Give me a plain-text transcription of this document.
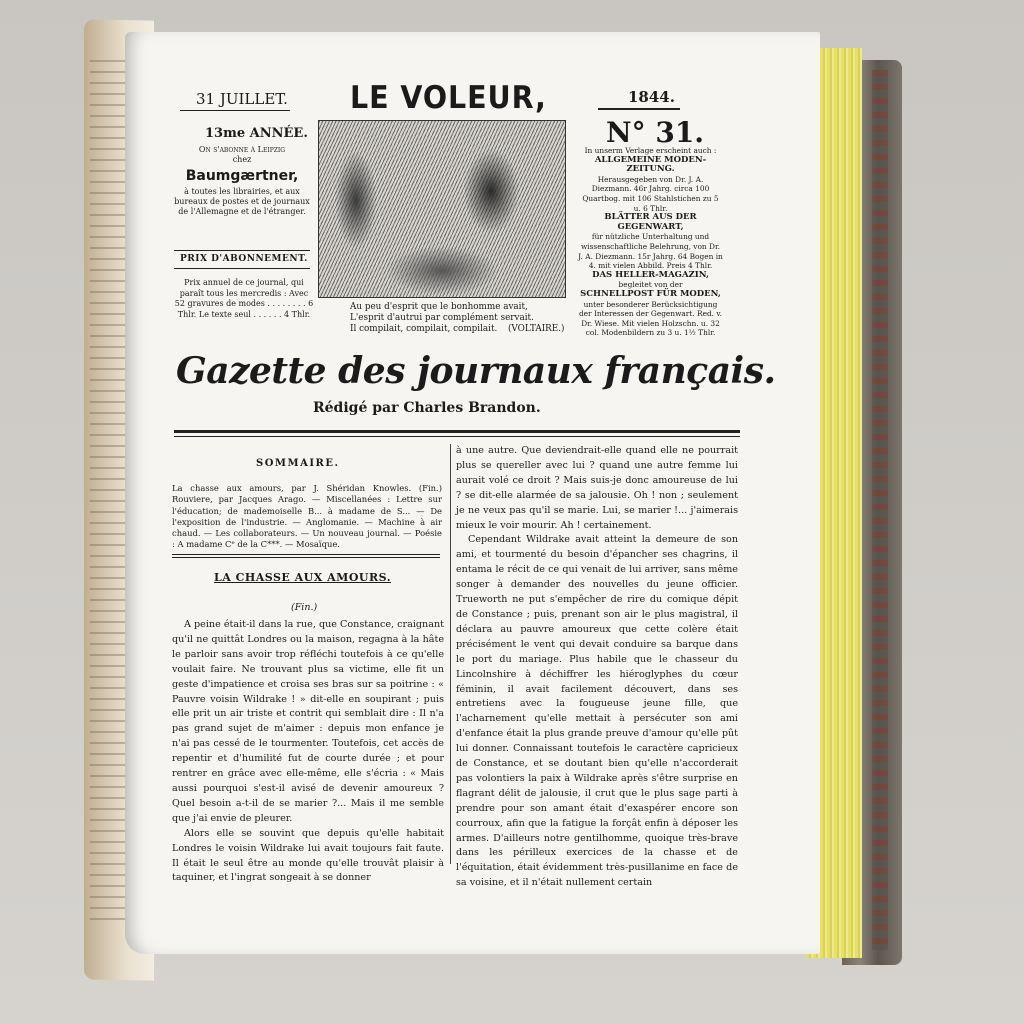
31 JUILLET. LE VOLEUR,	1844.
13me ANNÉE.	N° 31.
On s'abonne à Leipzig
chez
Baumgærtner,
à toutes les librairies, et aux bureaux de postes et de journaux de l'Allemagne et de l'étranger.
PRIX D'ABONNEMENT.
Prix annuel de ce journal, qui paraît tous les mercredis : Avec 52 gravures de modes . . . . . . . . 6 Thlr. Le texte seul . . . . . . 4 Thlr.
In unserm Verlage erscheint auch :
ALLGEMEINE MODEN-ZEITUNG.
Herausgegeben von Dr. J. A. Diezmann. 46r Jahrg. circa 100 Quartbog. mit 106 Stahlstichen zu 5 u. 6 Thlr.
BLÄTTER AUS DER GEGENWART,
für nützliche Unterhaltung und wissenschaftliche Belehrung, von Dr. J. A. Diezmann. 15r Jahrg. 64 Bogen in 4. mit vielen Abbild. Preis 4 Thlr.
DAS HELLER-MAGAZIN,
begleitet von der
SCHNELLPOST FÜR MODEN,
unter besonderer Berücksichtigung der Interessen der Gegenwart. Red. v. Dr. Wiese. Mit vielen Holzschn. u. 32 col. Modenbildern zu 3 u. 1½ Thlr.
Au peu d'esprit que le bonhomme avait,
L'esprit d'autrui par complément servait.
Il compilait, compilait, compilait.	(VOLTAIRE.)
Gazette des journaux français.
Rédigé par Charles Brandon.
SOMMAIRE.
La chasse aux amours, par J. Shéridan Knowles. (Fin.) Rouviere, par Jacques Arago. — Miscellanées : Lettre sur l'éducation; de mademoiselle B... à madame de S... — De l'exposition de l'industrie. — Anglomanie. — Machine à air chaud. — Les collaborateurs. — Un nouveau journal. — Poésie : A madame Cᵉ de la C***. — Mosaïque.
LA CHASSE AUX AMOURS.
(Fin.)

A peine était-il dans la rue, que Constance, craignant qu'il ne quittât Londres ou la maison, regagna à la hâte le parloir sans avoir trop réfléchi toutefois à ce qu'elle voulait faire. Ne trouvant plus sa victime, elle fit un geste d'impatience et croisa ses bras sur sa poitrine : « Pauvre voisin Wildrake ! » dit-elle en soupirant ; puis elle prit un air triste et contrit qui semblait dire : Il n'a pas grand sujet de m'aimer : depuis mon enfance je n'ai pas cessé de le tourmenter. Toutefois, cet accès de repentir et d'humilité fut de courte durée ; et pour rentrer en grâce avec elle-même, elle s'écria : « Mais aussi pourquoi s'est-il avisé de devenir amoureux ? Quel besoin a-t-il de se marier ?... Mais il me semble que j'ai envie de pleurer.

Alors elle se souvint que depuis qu'elle habitait Londres le voisin Wildrake lui avait toujours fait faute. Il était le seul être au monde qu'elle trouvât plaisir à taquiner, et l'ingrat songeait à se donner

à une autre. Que deviendrait-elle quand elle ne pourrait plus se quereller avec lui ? quand une autre femme lui aurait volé ce droit ? Mais suis-je donc amoureuse de lui ? se dit-elle alarmée de sa jalousie. Oh ! non ; seulement je ne veux pas qu'il se marie. Lui, se marier !... j'aimerais mieux le voir mourir. Ah ! certainement.

Cependant Wildrake avait atteint la demeure de son ami, et tourmenté du besoin d'épancher ses chagrins, il entama le récit de ce qui venait de lui arriver, sans même songer à demander des nouvelles du jeune officier. Trueworth ne put s'empêcher de rire du comique dépit de Constance ; puis, prenant son air le plus magistral, il déclara au pauvre amoureux que cette colère était précisément le vent qui devait conduire sa barque dans le port du mariage. Plus habile que le chasseur du Lincolnshire à déchiffrer les hiéroglyphes du cœur féminin, il avait facilement découvert, dans ses entretiens avec la fougueuse jeune fille, que l'acharnement qu'elle mettait à persécuter son ami d'enfance était la plus grande preuve d'amour qu'elle pût lui donner. Connaissant toutefois le caractère capricieux de Constance, et se doutant bien qu'elle n'accorderait pas volontiers la paix à Wildrake après s'être surprise en flagrant délit de jalousie, il crut que le plus sage parti à prendre pour son amant était d'exaspérer encore son courroux, afin que la fatigue la forçât enfin à déposer les armes. D'ailleurs notre gentilhomme, quoique très-brave dans les périlleux exercices de la chasse et de l'équitation, était évidemment très-pusillanime en face de sa voisine, et il n'était nullement certain
